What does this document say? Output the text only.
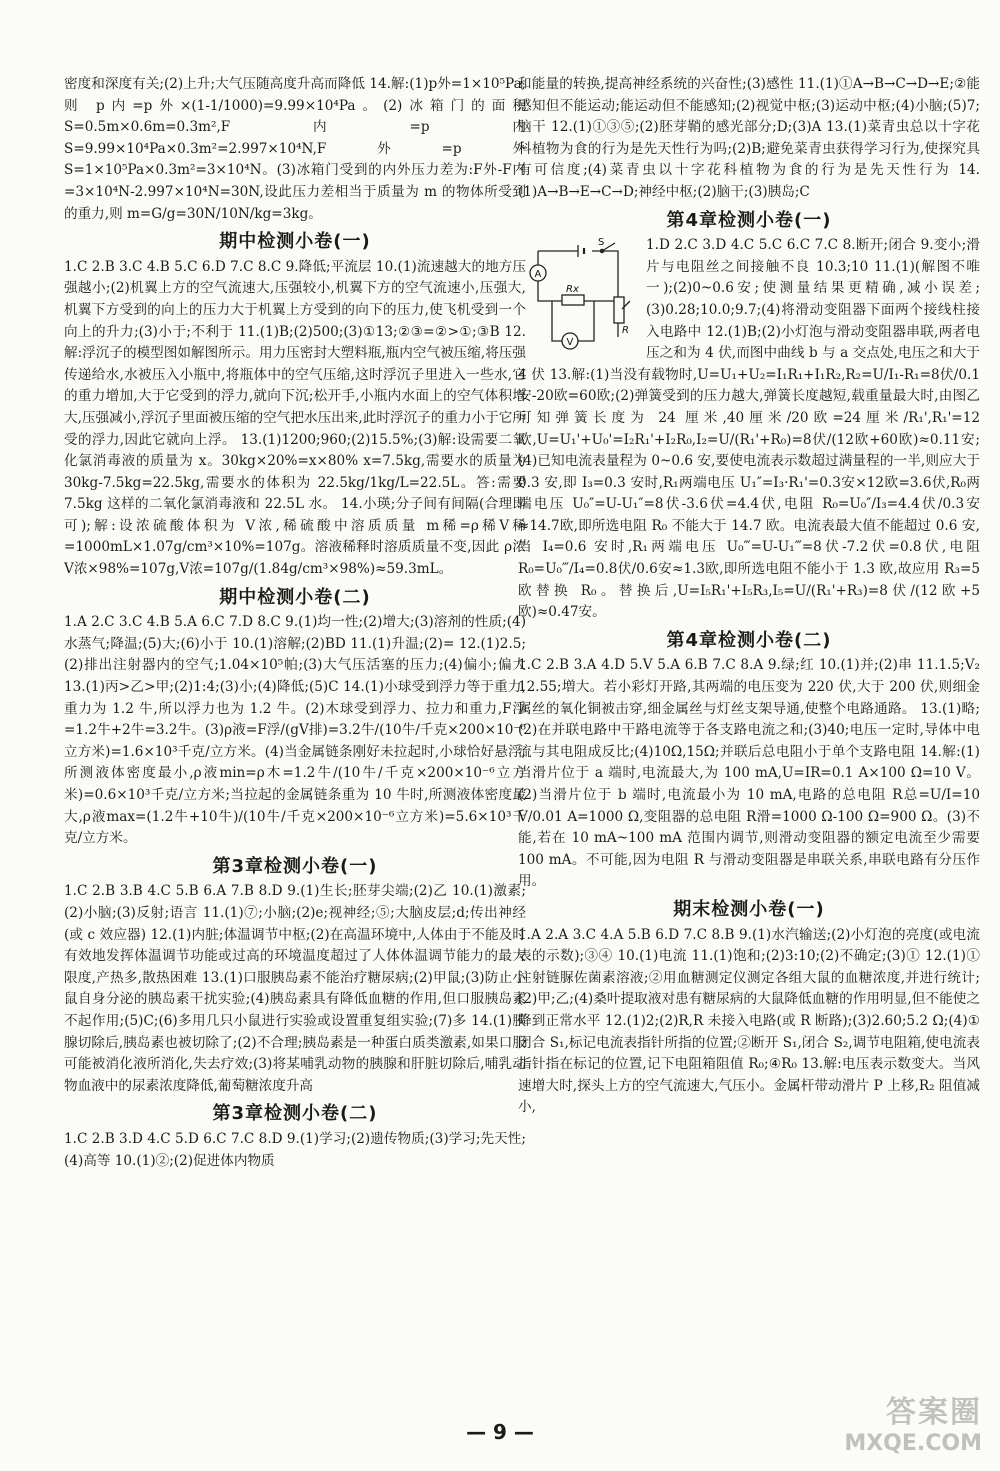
密度和深度有关;(2)上升;大气压随高度升高而降低 14.解:(1)p外=1×10⁵Pa,则 p内=p外×(1-1/1000)=9.99×10⁴Pa。(2)冰箱门的面积 S=0.5m×0.6m=0.3m²,F内=p内S=9.99×10⁴Pa×0.3m²=2.997×10⁴N,F外=p外S=1×10⁵Pa×0.3m²=3×10⁴N。(3)冰箱门受到的内外压力差为:F外-F内=3×10⁴N-2.997×10⁴N=30N,设此压力差相当于质量为 m 的物体所受到的重力,则 m=G/g=30N/10N/kg=3kg。

期中检测小卷(一)

1.C 2.B 3.C 4.B 5.C 6.D 7.C 8.C 9.降低;平流层 10.(1)流速越大的地方压强越小;(2)机翼上方的空气流速大,压强较小,机翼下方的空气流速小,压强大,机翼下方受到的向上的压力大于机翼上方受到的向下的压力,使飞机受到一个向上的升力;(3)小于;不利于 11.(1)B;(2)500;(3)①13;②③=②>①;③B 12.解:浮沉子的模型图如解图所示。用力压密封大塑料瓶,瓶内空气被压缩,将压强传递给水,水被压入小瓶中,将瓶体中的空气压缩,这时浮沉子里进入一些水,它的重力增加,大于它受到的浮力,就向下沉;松开手,小瓶内水面上的空气体积增大,压强减小,浮沉子里面被压缩的空气把水压出来,此时浮沉子的重力小于它所受的浮力,因此它就向上浮。 13.(1)1200;960;(2)15.5%;(3)解:设需要二氧化氯消毒液的质量为 x。30kg×20%=x×80% x=7.5kg,需要水的质量为 30kg-7.5kg=22.5kg,需要水的体积为 22.5kg/1kg/L=22.5L。答:需要 7.5kg 这样的二氧化氯消毒液和 22.5L 水。 14.小瑛;分子间有间隔(合理即可);解:设浓硫酸体积为 V浓,稀硫酸中溶质质量 m稀=ρ稀V稀=1000mL×1.07g/cm³×10%=107g。溶液稀释时溶质质量不变,因此 ρ浓V浓×98%=107g,V浓=107g/(1.84g/cm³×98%)≈59.3mL。

期中检测小卷(二)

1.A 2.C 3.C 4.B 5.A 6.C 7.D 8.C 9.(1)均一性;(2)增大;(3)溶剂的性质;(4)水蒸气;降温;(5)大;(6)小于 10.(1)溶解;(2)BD 11.(1)升温;(2)= 12.(1)2.5;(2)排出注射器内的空气;1.04×10⁵帕;(3)大气压活塞的压力;(4)偏小;偏大 13.(1)丙>乙>甲;(2)1:4;(3)小;(4)降低;(5)C 14.(1)小球受到浮力等于重力,重力为 1.2 牛,所以浮力也为 1.2 牛。(2)木球受到浮力、拉力和重力,F浮=1.2牛+2牛=3.2牛。(3)ρ液=F浮/(gV排)=3.2牛/(10牛/千克×200×10⁻⁶立方米)=1.6×10³千克/立方米。(4)当金属链条刚好未拉起时,小球恰好悬浮,所测液体密度最小,ρ液min=ρ木=1.2牛/(10牛/千克×200×10⁻⁶立方米)=0.6×10³千克/立方米;当拉起的金属链条重为 10 牛时,所测液体密度最大,ρ液max=(1.2牛+10牛)/(10牛/千克×200×10⁻⁶立方米)=5.6×10³千克/立方米。

第3章检测小卷(一)

1.C 2.B 3.B 4.C 5.B 6.A 7.B 8.D 9.(1)生长;胚芽尖端;(2)乙 10.(1)激素;(2)小脑;(3)反射;语言 11.(1)⑦;小脑;(2)e;视神经;⑤;大脑皮层;d;传出神经(或 c 效应器) 12.(1)内脏;体温调节中枢;(2)在高温环境中,人体由于不能及时有效地发挥体温调节功能或过高的环境温度超过了人体体温调节能力的最大限度,产热多,散热困难 13.(1)口服胰岛素不能治疗糖尿病;(2)甲鼠;(3)防止小鼠自身分泌的胰岛素干扰实验;(4)胰岛素具有降低血糖的作用,但口服胰岛素不起作用;(5)C;(6)多用几只小鼠进行实验或设置重复组实验;(7)多 14.(1)胰腺切除后,胰岛素也被切除了;(2)不合理;胰岛素是一种蛋白质类激素,如果口服可能被消化液所消化,失去疗效;(3)将某哺乳动物的胰腺和肝脏切除后,哺乳动物血液中的尿素浓度降低,葡萄糖浓度升高

第3章检测小卷(二)

1.C 2.B 3.D 4.C 5.D 6.C 7.C 8.D 9.(1)学习;(2)遗传物质;(3)学习;先天性;(4)高等 10.(1)②;(2)促进体内物质

和能量的转换,提高神经系统的兴奋性;(3)感性 11.(1)①A→B→C→D→E;②能感知但不能运动;能运动但不能感知;(2)视觉中枢;(3)运动中枢;(4)小脑;(5)7;脑干 12.(1)①③⑤;(2)胚芽鞘的感光部分;D;(3)A 13.(1)菜青虫总以十字花科植物为食的行为是先天性行为吗;(2)B;避免菜青虫获得学习行为,使探究具有可信度;(4)菜青虫以十字花科植物为食的行为是先天性行为 14.(1)A→B→E→C→D;神经中枢;(2)脑干;(3)胰岛;C

第4章检测小卷(一)

S
A
Rx
R
V
1.D 2.C 3.D 4.C 5.C 6.C 7.C 8.断开;闭合 9.变小;滑片与电阻丝之间接触不良 10.3;10 11.(1)(解图不唯一);(2)0~0.6安;使测量结果更精确,减小误差;(3)0.28;10.0;9.7;(4)将滑动变阻器下面两个接线柱接入电路中 12.(1)B;(2)小灯泡与滑动变阻器串联,两者电压之和为 4 伏,而图中曲线 b 与 a 交点处,电压之和大于 4 伏 13.解:(1)当没有载物时,U=U₁+U₂=I₁R₁+I₁R₂,R₂=U/I₁-R₁=8伏/0.1安-20欧=60欧;(2)弹簧受到的压力越大,弹簧长度越短,载重量最大时,由图乙可知弹簧长度为 24 厘米,40厘米/20欧=24厘米/R₁',R₁'=12欧,U=U₁'+U₀'=I₂R₁'+I₂R₀,I₂=U/(R₁'+R₀)=8伏/(12欧+60欧)≈0.11安;(4)已知电流表量程为 0~0.6 安,要使电流表示数超过满量程的一半,则应大于 0.3 安,即 I₃=0.3 安时,R₁两端电压 U₁″=I₃·R₁'=0.3安×12欧=3.6伏,R₀两端电压 U₀″=U-U₁″=8伏-3.6伏=4.4伏,电阻 R₀=U₀″/I₃=4.4伏/0.3安≈14.7欧,即所选电阻 R₀ 不能大于 14.7 欧。电流表最大值不能超过 0.6 安,当 I₄=0.6 安时,R₁两端电压 U₀‴=U-U₁‴=8伏-7.2伏=0.8伏,电阻 R₀=U₀‴/I₄=0.8伏/0.6安≈1.3欧,即所选电阻不能小于 1.3 欧,故应用 R₃=5 欧替换 R₀。替换后,U=I₅R₁'+I₅R₃,I₅=U/(R₁'+R₃)=8伏/(12欧+5欧)≈0.47安。

第4章检测小卷(二)

1.C 2.B 3.A 4.D 5.V 5.A 6.B 7.C 8.A 9.绿;红 10.(1)并;(2)串 11.1.5;V₂ 12.55;増大。若小彩灯开路,其两端的电压变为 220 伏,大于 200 伏,则细金属丝的氧化铜被击穿,细金属丝与灯丝支架导通,使整个电路通路。 13.(1)略;(2)在并联电路中干路电流等于各支路电流之和;(3)40;电压一定时,导体中电流与其电阻成反比;(4)10Ω,15Ω;并联后总电阻小于单个支路电阻 14.解:(1)当滑片位于 a 端时,电流最大,为 100 mA,U=IR=0.1 A×100 Ω=10 V。(2)当滑片位于 b 端时,电流最小为 10 mA,电路的总电阻 R总=U/I=10 V/0.01 A=1000 Ω,变阻器的总电阻 R滑=1000 Ω-100 Ω=900 Ω。(3)不能,若在 10 mA~100 mA 范围内调节,则滑动变阻器的额定电流至少需要 100 mA。不可能,因为电阻 R 与滑动变阻器是串联关系,串联电路有分压作用。

期末检测小卷(一)

1.A 2.A 3.C 4.A 5.B 6.D 7.C 8.B 9.(1)水汽输送;(2)小灯泡的亮度(或电流表的示数);③④ 10.(1)电流 11.(1)饱和;(2)3:10;(2)不确定;(3)① 12.(1)①注射链脲佐菌素溶液;②用血糖测定仪测定各组大鼠的血糖浓度,并进行统计;(2)甲;乙;(4)桑叶提取液对患有糖尿病的大鼠降低血糖的作用明显,但不能使之降到正常水平 12.(1)2;(2)R,R 未接入电路(或 R 断路);(3)2.60;5.2 Ω;(4)①闭合 S₁,标记电流表指针所指的位置;②断开 S₁,闭合 S₂,调节电阻箱,使电流表指针指在标记的位置,记下电阻箱阻值 R₀;④R₀ 13.解:电压表示数变大。当风速增大时,探头上方的空气流速大,气压小。金属杆带动滑片 P 上移,R₂ 阻值减小,

— 9 —
答案圈
MXQE.COM
